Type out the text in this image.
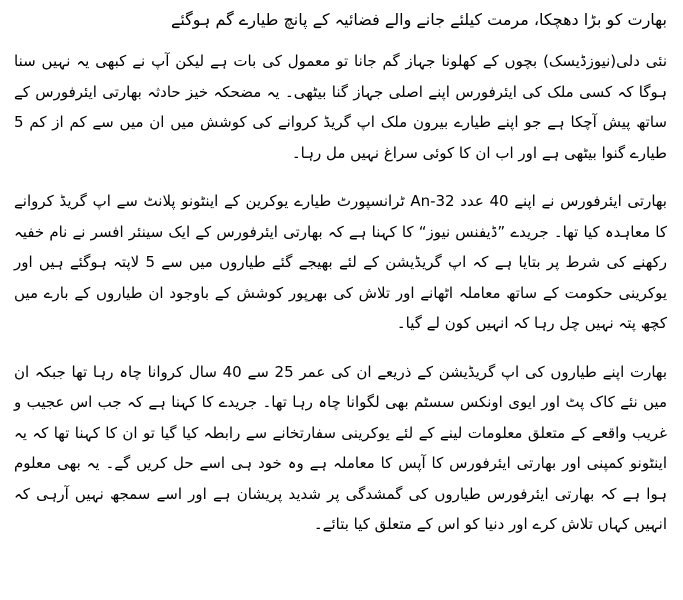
بھارت کو بڑا دھچکا، مرمت کیلئے جانے والے فضائیہ کے پانچ طیارے گم ہوگئے

نئی دلی(نیوزڈیسک) بچوں کے کھلونا جہاز گم جانا تو معمول کی بات ہے لیکن آپ نے کبھی یہ نہیں سنا ہوگا کہ کسی ملک کی ایئرفورس اپنے اصلی جہاز گنا بیٹھی۔ یہ مضحکہ خیز حادثہ بھارتی ایئرفورس کے ساتھ پیش آچکا ہے جو اپنے طیارے بیرون ملک اپ گریڈ کروانے کی کوشش میں ان میں سے کم از کم 5 طیارے گنوا بیٹھی ہے اور اب ان کا کوئی سراغ نہیں مل رہا۔

بھارتی ایئرفورس نے اپنے 40 عدد An-32 ٹرانسپورٹ طیارے یوکرین کے اینٹونو پلانٹ سے اپ گریڈ کروانے کا معاہدہ کیا تھا۔ جریدے ”ڈیفنس نیوز“ کا کہنا ہے کہ بھارتی ایئرفورس کے ایک سینئر افسر نے نام خفیہ رکھنے کی شرط پر بتایا ہے کہ اپ گریڈیشن کے لئے بھیجے گئے طیاروں میں سے 5 لاپتہ ہوگئے ہیں اور یوکرینی حکومت کے ساتھ معاملہ اٹھانے اور تلاش کی بھرپور کوشش کے باوجود ان طیاروں کے بارے میں کچھ پتہ نہیں چل رہا کہ انہیں کون لے گیا۔

بھارت اپنے طیاروں کی اپ گریڈیشن کے ذریعے ان کی عمر 25 سے 40 سال کروانا چاہ رہا تھا جبکہ ان میں نئے کاک پٹ اور ایوی اونکس سسٹم بھی لگوانا چاہ رہا تھا۔ جریدے کا کہنا ہے کہ جب اس عجیب و غریب واقعے کے متعلق معلومات لینے کے لئے یوکرینی سفارتخانے سے رابطہ کیا گیا تو ان کا کہنا تھا کہ یہ اینٹونو کمپنی اور بھارتی ایئرفورس کا آپس کا معاملہ ہے وہ خود ہی اسے حل کریں گے۔ یہ بھی معلوم ہوا ہے کہ بھارتی ایئرفورس طیاروں کی گمشدگی پر شدید پریشان ہے اور اسے سمجھ نہیں آرہی کہ انہیں کہاں تلاش کرے اور دنیا کو اس کے متعلق کیا بتائے۔
